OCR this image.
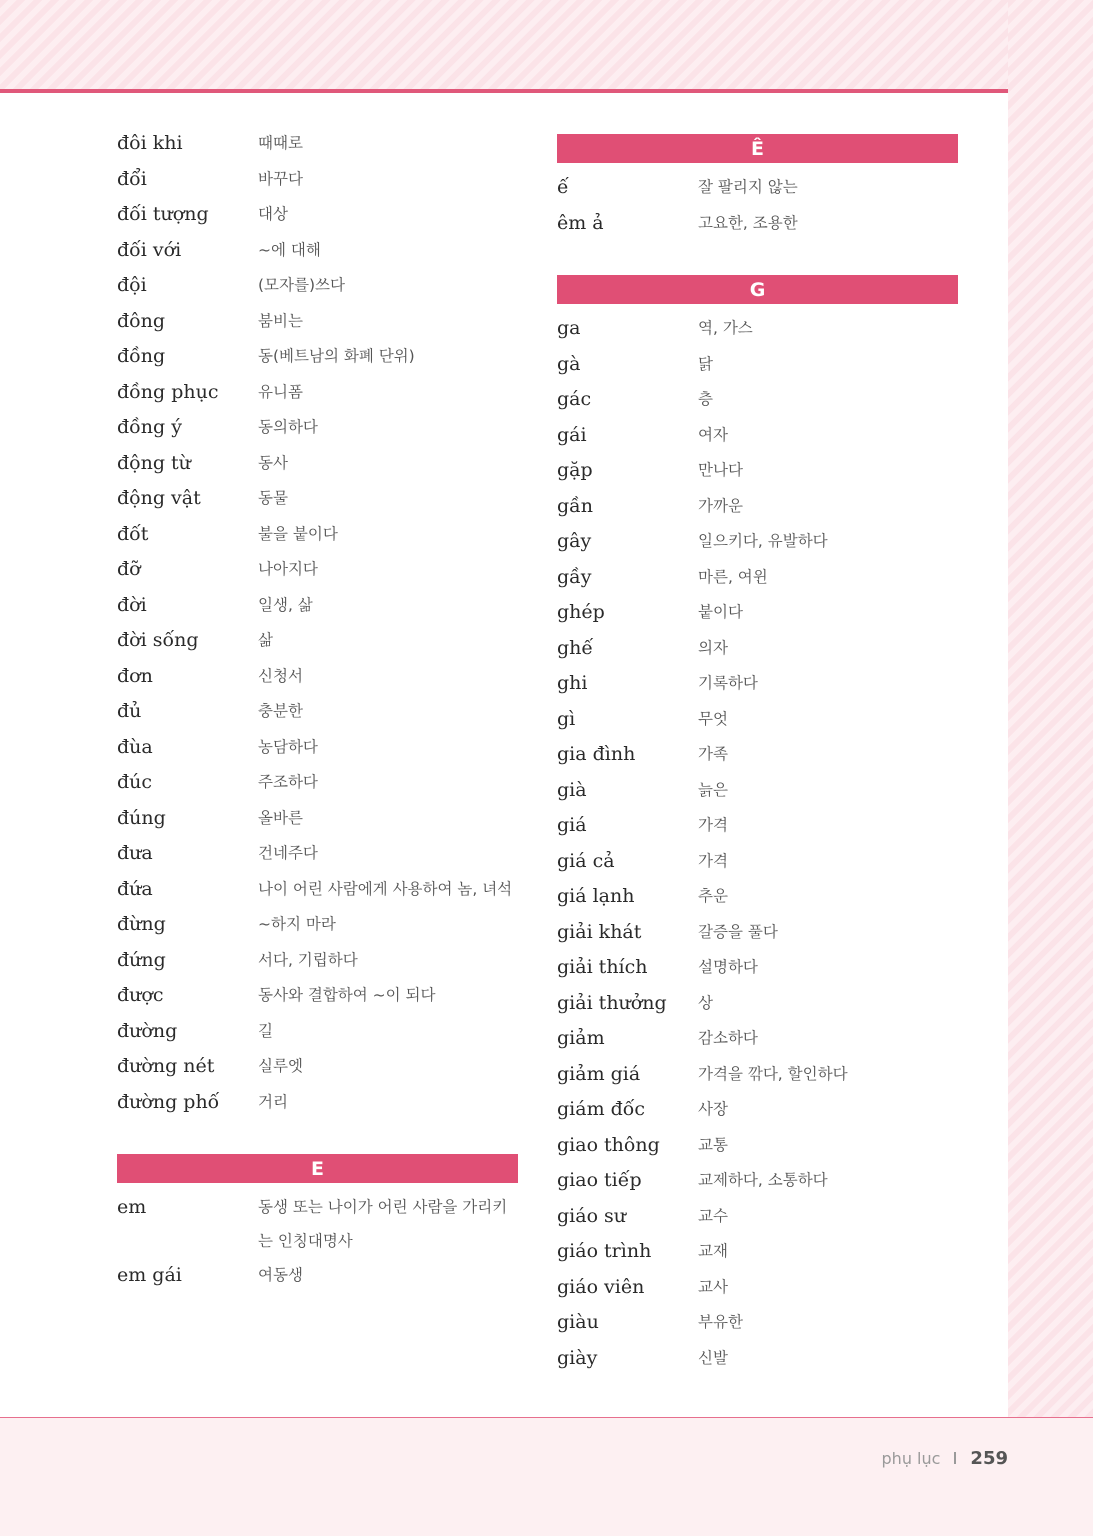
đôi khi	때때로
đổi	바꾸다
đối tượng	대상
đối với	~에 대해
đội	(모자를)쓰다
đông	붐비는
đồng	동(베트남의 화폐 단위)
đồng phục	유니폼
đồng ý	동의하다
động từ	동사
động vật	동물
đốt	불을 붙이다
đỡ	나아지다
đời	일생, 삶
đời sống	삶
đơn	신청서
đủ	충분한
đùa	농담하다
đúc	주조하다
đúng	올바른
đưa	건네주다
đứa	나이 어린 사람에게 사용하여 놈, 녀석
đừng	~하지 마라
đứng	서다, 기립하다
được	동사와 결합하여 ~이 되다
đường	길
đường nét	실루엣
đường phố	거리
E
em	동생 또는 나이가 어린 사람을 가리키는 인칭대명사
em gái	여동생
Ê
ế	잘 팔리지 않는
êm ả	고요한, 조용한
G
ga	역, 가스
gà	닭
gác	층
gái	여자
gặp	만나다
gần	가까운
gây	일으키다, 유발하다
gầy	마른, 여윈
ghép	붙이다
ghế	의자
ghi	기록하다
gì	무엇
gia đình	가족
già	늙은
giá	가격
giá cả	가격
giá lạnh	추운
giải khát	갈증을 풀다
giải thích	설명하다
giải thưởng	상
giảm	감소하다
giảm giá	가격을 깎다, 할인하다
giám đốc	사장
giao thông	교통
giao tiếp	교제하다, 소통하다
giáo sư	교수
giáo trình	교재
giáo viên	교사
giàu	부유한
giày	신발
phụ lục 259
